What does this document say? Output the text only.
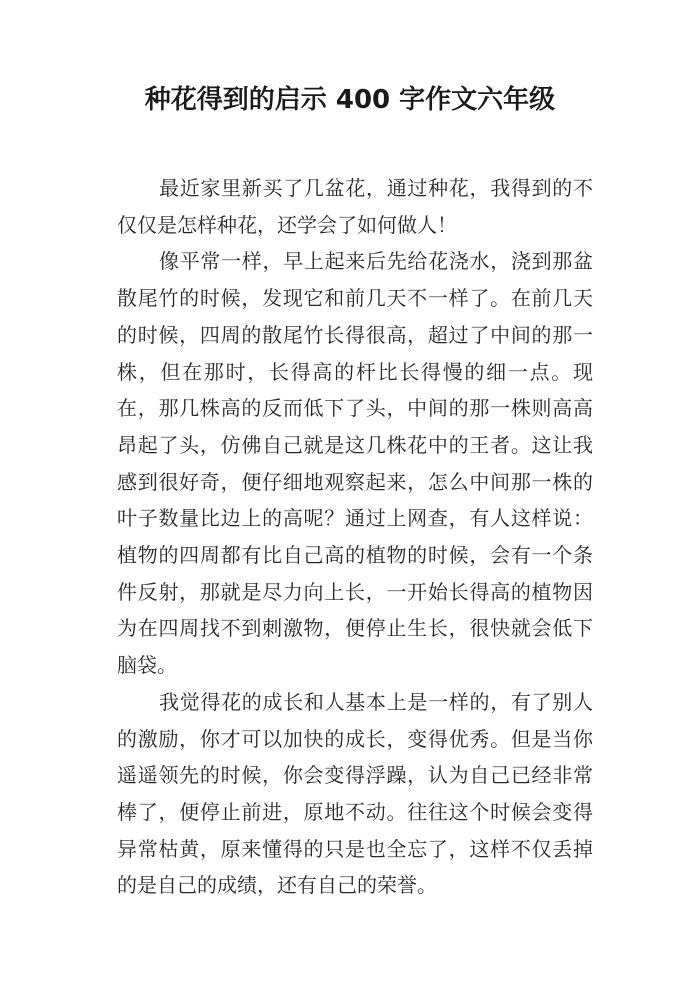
种花得到的启示 400 字作文六年级

最近家里新买了几盆花，通过种花，我得到的不仅仅是怎样种花，还学会了如何做人！

像平常一样，早上起来后先给花浇水，浇到那盆散尾竹的时候，发现它和前几天不一样了。在前几天的时候，四周的散尾竹长得很高，超过了中间的那一株，但在那时，长得高的杆比长得慢的细一点。现在，那几株高的反而低下了头，中间的那一株则高高昂起了头，仿佛自己就是这几株花中的王者。这让我感到很好奇，便仔细地观察起来，怎么中间那一株的叶子数量比边上的高呢？通过上网查，有人这样说：植物的四周都有比自己高的植物的时候，会有一个条件反射，那就是尽力向上长，一开始长得高的植物因为在四周找不到刺激物，便停止生长，很快就会低下脑袋。

我觉得花的成长和人基本上是一样的，有了别人的激励，你才可以加快的成长，变得优秀。但是当你遥遥领先的时候，你会变得浮躁，认为自己已经非常棒了，便停止前进，原地不动。往往这个时候会变得异常枯黄，原来懂得的只是也全忘了，这样不仅丢掉的是自己的成绩，还有自己的荣誉。
